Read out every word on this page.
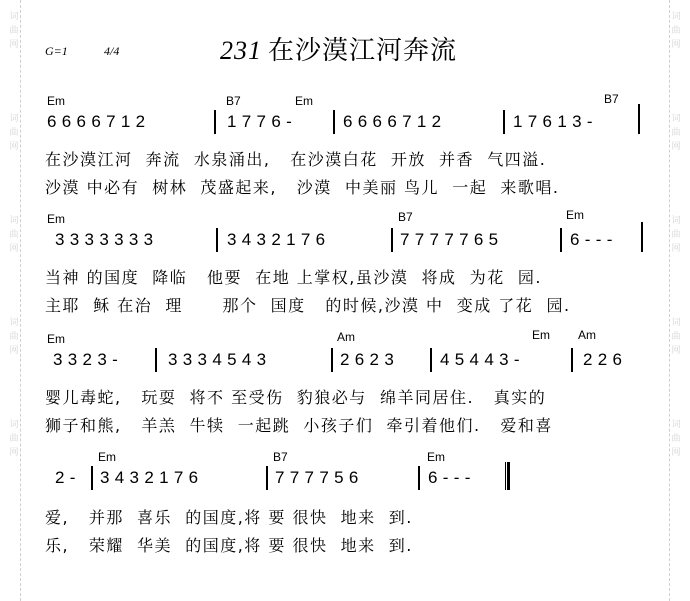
词曲网
词曲网
词曲网
词曲网
词曲网
词曲网
词曲网
词曲网
词曲网
词曲网
G=1	4/4	231 在沙漠江河奔流
Em	B7	Em	B7
6 6 6 6 7 1 2	1 7 7 6 -	6 6 6 6 7 1 2	1 7 6 1 3 -
在沙漠江河  奔流  水泉涌出,   在沙漠白花  开放  并香  气四溢.
沙漠 中必有  树林  茂盛起来,   沙漠  中美丽 鸟儿  一起  来歌唱.
Em	B7	Em
3 3 3 3 3 3 3	3 4 3 2 1 7 6	7 7 7 7 7 6 5	6 - - -
当神 的国度  降临   他要  在地 上掌权,虽沙漠  将成  为花  园.
主耶  稣 在治  理      那个  国度   的时候,沙漠 中  变成 了花  园.
Em	Am	Em Am
3 3 2 3 -	3 3 3 4 5 4 3	2 6 2 3	4 5 4 4 3 -	2 2 6
婴儿毒蛇,   玩耍  将不 至受伤  豹狼必与  绵羊同居住.   真实的
狮子和熊,   羊羔  牛犊  一起跳  小孩子们  牵引着他们.   爱和喜
Em	B7	Em
2 - 3 4 3 2 1 7 6	7 7 7 7 5 6	6 - - -
爱,   并那  喜乐  的国度,将 要 很快  地来  到.
乐,   荣耀  华美  的国度,将 要 很快  地来  到.
